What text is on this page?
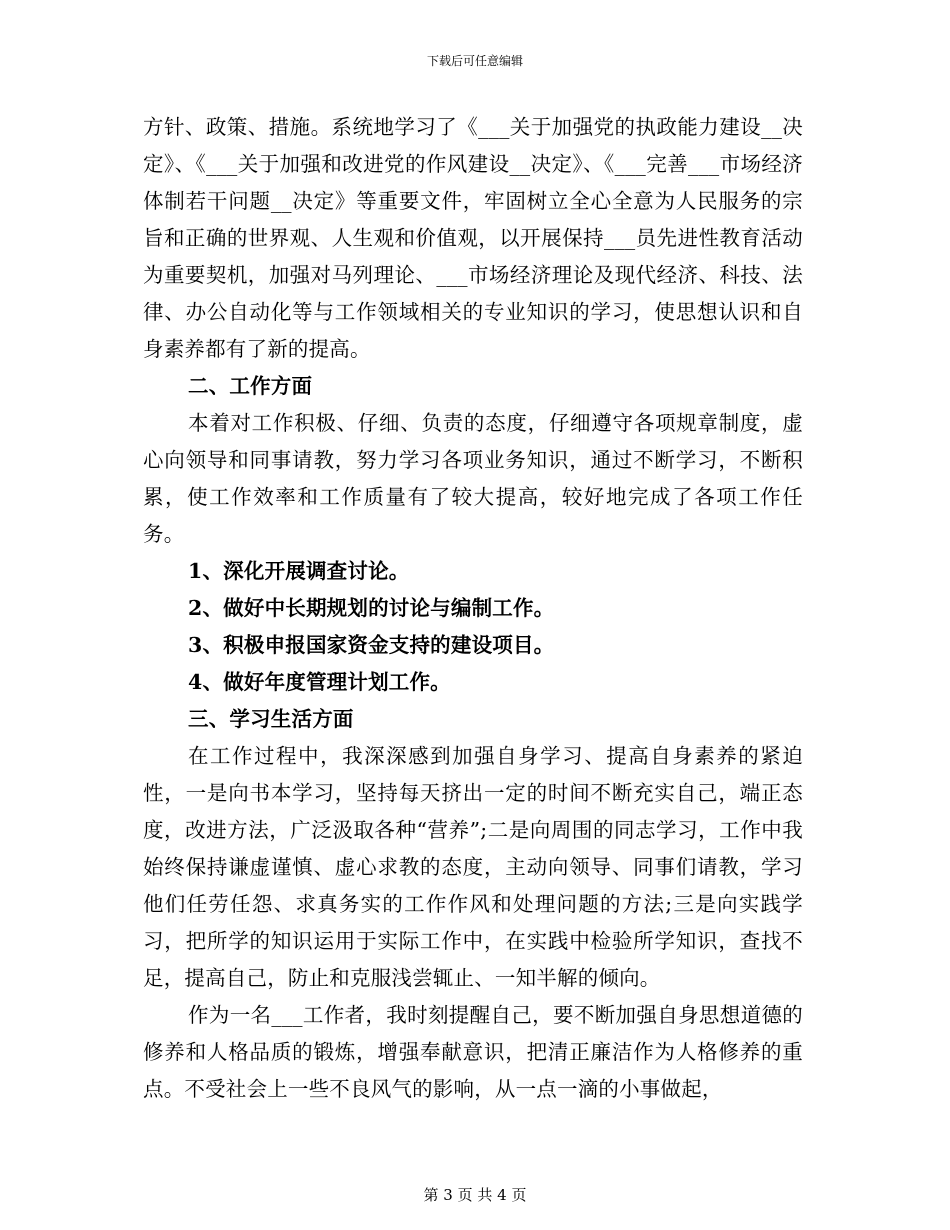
下载后可任意编辑

方针、政策、措施。系统地学习了《___关于加强党的执政能力建设__决定》、《___关于加强和改进党的作风建设__决定》、《___完善___市场经济体制若干问题__决定》等重要文件，牢固树立全心全意为人民服务的宗旨和正确的世界观、人生观和价值观，以开展保持___员先进性教育活动为重要契机，加强对马列理论、___市场经济理论及现代经济、科技、法律、办公自动化等与工作领域相关的专业知识的学习，使思想认识和自身素养都有了新的提高。

二、工作方面

本着对工作积极、仔细、负责的态度，仔细遵守各项规章制度，虚心向领导和同事请教，努力学习各项业务知识，通过不断学习，不断积累，使工作效率和工作质量有了较大提高，较好地完成了各项工作任务。

1、深化开展调查讨论。

2、做好中长期规划的讨论与编制工作。

3、积极申报国家资金支持的建设项目。

4、做好年度管理计划工作。

三、学习生活方面

在工作过程中，我深深感到加强自身学习、提高自身素养的紧迫性，一是向书本学习，坚持每天挤出一定的时间不断充实自己，端正态度，改进方法，广泛汲取各种“营养”;二是向周围的同志学习，工作中我始终保持谦虚谨慎、虚心求教的态度，主动向领导、同事们请教，学习他们任劳任怨、求真务实的工作作风和处理问题的方法;三是向实践学习，把所学的知识运用于实际工作中，在实践中检验所学知识，查找不足，提高自己，防止和克服浅尝辄止、一知半解的倾向。

作为一名___工作者，我时刻提醒自己，要不断加强自身思想道德的修养和人格品质的锻炼，增强奉献意识，把清正廉洁作为人格修养的重点。不受社会上一些不良风气的影响，从一点一滴的小事做起，

第 3 页 共 4 页
